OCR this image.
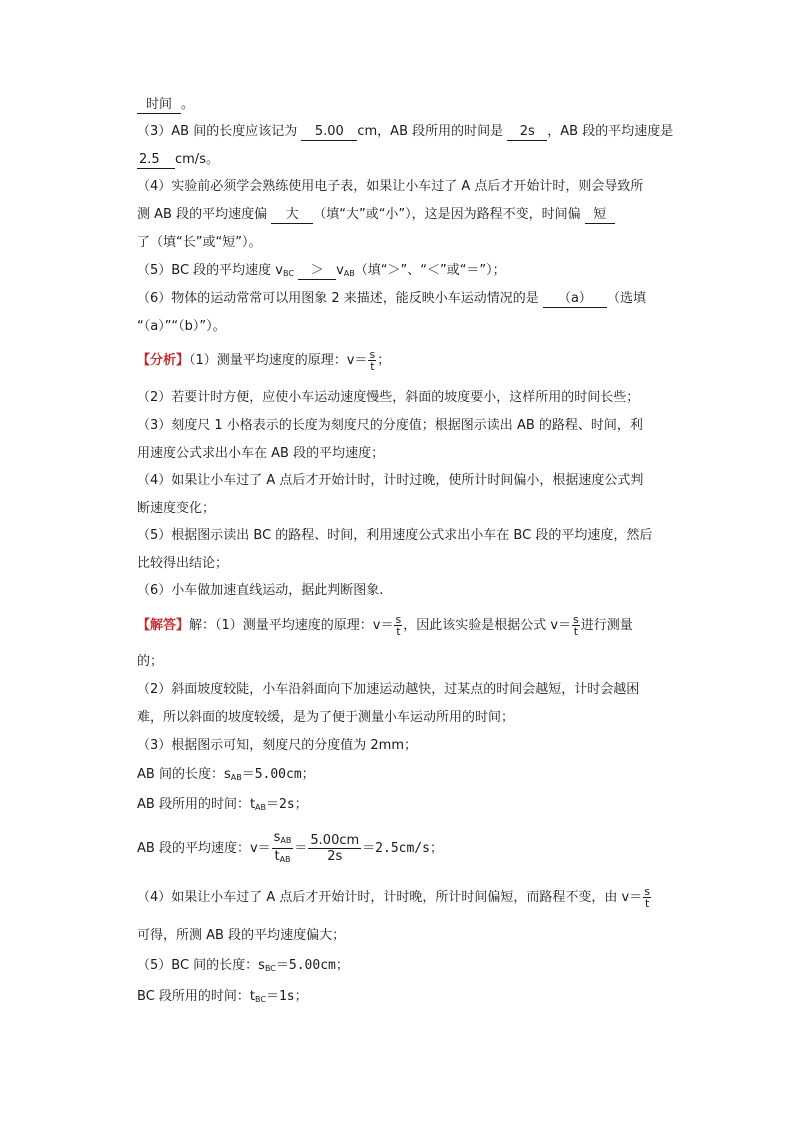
时间 。
（3）AB 间的长度应该记为 5.00 cm，AB 段所用的时间是 2s ，AB 段的平均速度是
2.5 cm/s。
（4）实验前必须学会熟练使用电子表，如果让小车过了 A 点后才开始计时，则会导致所
测 AB 段的平均速度偏 大 （填“大”或“小”），这是因为路程不变，时间偏 短
了（填“长”或“短”）。
（5）BC 段的平均速度 $v_{BC} > v_{AB}$（填“＞”、“＜”或“＝”）；
（6）物体的运动常常可以用图象 2 来描述，能反映小车运动情况的是 （a） （选填
“（a）”“（b）”）。
【分析】（1）测量平均速度的原理：$v= \frac{s}{t}$ ；
（2）若要计时方便，应使小车运动速度慢些，斜面的坡度要小，这样所用的时间长些；
（3）刻度尺 1 小格表示的长度为刻度尺的分度值；根据图示读出 AB 的路程、时间，利
用速度公式求出小车在 AB 段的平均速度；
（4）如果让小车过了 A 点后才开始计时，计时过晚，使所计时间偏小，根据速度公式判
断速度变化；
（5）根据图示读出 BC 的路程、时间，利用速度公式求出小车在 BC 段的平均速度，然后
比较得出结论；
（6）小车做加速直线运动，据此判断图象.
【解答】解：（1）测量平均速度的原理：$v= \frac{s}{t}$ ，因此该实验是根据公式 $v= \frac{s}{t}$ 进行测量
的；
（2）斜面坡度较陡，小车沿斜面向下加速运动越快，过某点的时间会越短，计时会越困
难，所以斜面的坡度较缓，是为了便于测量小车运动所用的时间；
（3）根据图示可知，刻度尺的分度值为 2mm；
AB 间的长度：$s_{AB}=5.00cm$；
AB 段所用的时间：$t_{AB}=2s$；
AB 段的平均速度：$v= \frac{s_{AB}}{t_{AB}} = \frac{5.00cm}{2s} =2.5cm/s$；
（4）如果让小车过了 A 点后才开始计时，计时晚，所计时间偏短，而路程不变，由 $v= \frac{s}{t}$
可得，所测 AB 段的平均速度偏大；
（5）BC 间的长度：$s_{BC}=5.00cm$；
BC 段所用的时间：$t_{BC}=1s$；
